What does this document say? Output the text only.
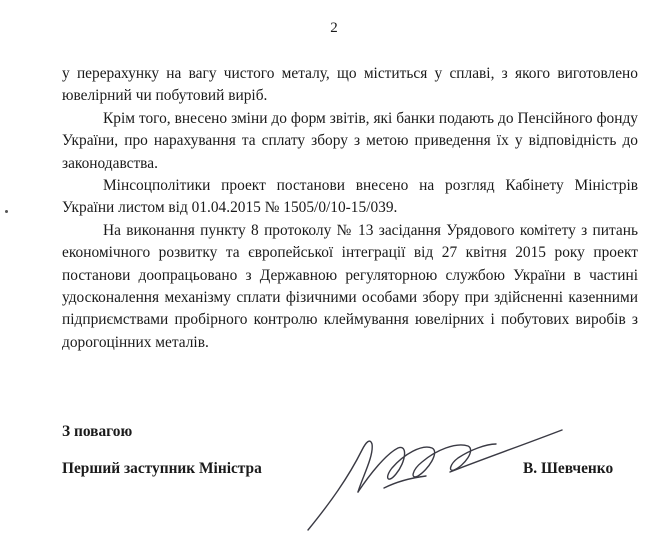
2

у перерахунку на вагу чистого металу, що міститься у сплаві, з якого виготовлено ювелірний чи побутовий виріб.

Крім того, внесено зміни до форм звітів, які банки подають до Пенсійного фонду України, про нарахування та сплату збору з метою приведення їх у відповідність до законодавства.

Мінсоцполітики проект постанови внесено на розгляд Кабінету Міністрів України листом від 01.04.2015 № 1505/0/10-15/039.

На виконання пункту 8 протоколу № 13 засідання Урядового комітету з питань економічного розвитку та європейської інтеграції від 27 квітня 2015 року проект постанови доопрацьовано з Державною регуляторною службою України в частині удосконалення механізму сплати фізичними особами збору при здійсненні казенними підприємствами пробірного контролю клеймування ювелірних і побутових виробів з дорогоцінних металів.

З повагою
Перший заступник Міністра	В. Шевченко
